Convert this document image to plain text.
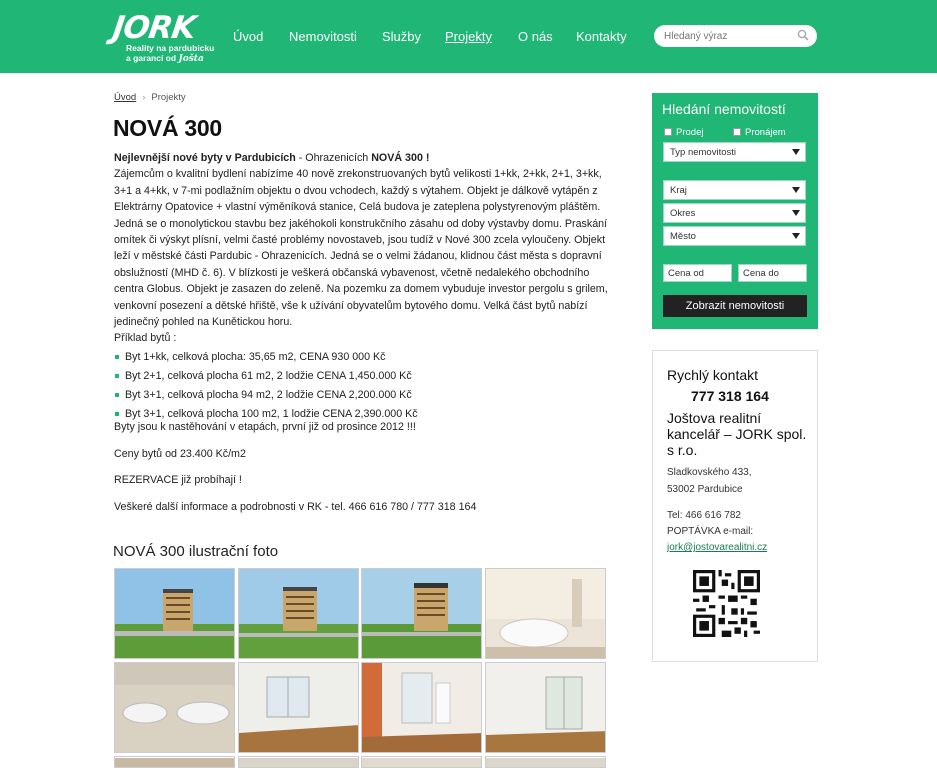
JORK
Reality na pardubicku
a garancí od Jošta
Úvod Nemovitosti Služby Projekty O nás Kontakty
Hledaný výraz
Úvod › Projekty
NOVÁ 300
Nejlevnější nové byty v Pardubicích - Ohrazenicích NOVÁ 300 !
Zájemcům o kvalitní bydlení nabízíme 40 nově zrekonstruovaných bytů velikosti 1+kk, 2+kk, 2+1, 3+kk, 3+1 a 4+kk, v 7-mi podlažním objektu o dvou vchodech, každý s výtahem. Objekt je dálkově vytápěn z Elektrárny Opatovice + vlastní výměníková stanice, Celá budova je zateplena polystyrenovým pláštěm. Jedná se o monolytickou stavbu bez jakéhokoli konstrukčního zásahu od doby výstavby domu. Praskání omítek či výskyt plísní, velmi časté problémy novostaveb, jsou tudíž v Nové 300 zcela vyloučeny. Objekt leží v městské části Pardubic - Ohrazenicích. Jedná se o velmi žádanou, klidnou část města s dopravní obslužností (MHD č. 6). V blízkosti je veškerá občanská vybavenost, včetně nedalekého obchodního centra Globus. Objekt je zasazen do zeleně. Na pozemku za domem vybuduje investor pergolu s grilem, venkovní posezení a dětské hřiště, vše k užívání obyvatelům bytového domu. Velká část bytů nabízí jedinečný pohled na Kunětickou horu.
Příklad bytů :
Byt 1+kk, celková plocha: 35,65 m2, CENA 930 000 Kč
Byt 2+1, celková plocha 61 m2, 2 lodžie CENA 1,450.000 Kč
Byt 3+1, celková plocha 94 m2, 2 lodžie CENA 2,200.000 Kč
Byt 3+1, celková plocha 100 m2, 1 lodžie CENA 2,390.000 Kč
Byty jsou k nastěhování v etapách, první již od prosince 2012 !!!
Ceny bytů od 23.400 Kč/m2
REZERVACE již probíhají !
Veškeré další informace a podrobnosti v RK - tel. 466 616 780 / 777 318 164
NOVÁ 300 ilustrační foto
Hledání nemovitostí
Prodej	Pronájem
Typ nemovitosti
Kraj
Okres
Město
Cena od	Cena do
Zobrazit nemovitosti
Rychlý kontakt
777 318 164
Joštova realitní kancelář – JORK spol. s r.o.
Sladkovského 433,
53002 Pardubice
Tel: 466 616 782
POPTÁVKA e-mail:
jork@jostovarealitni.cz
